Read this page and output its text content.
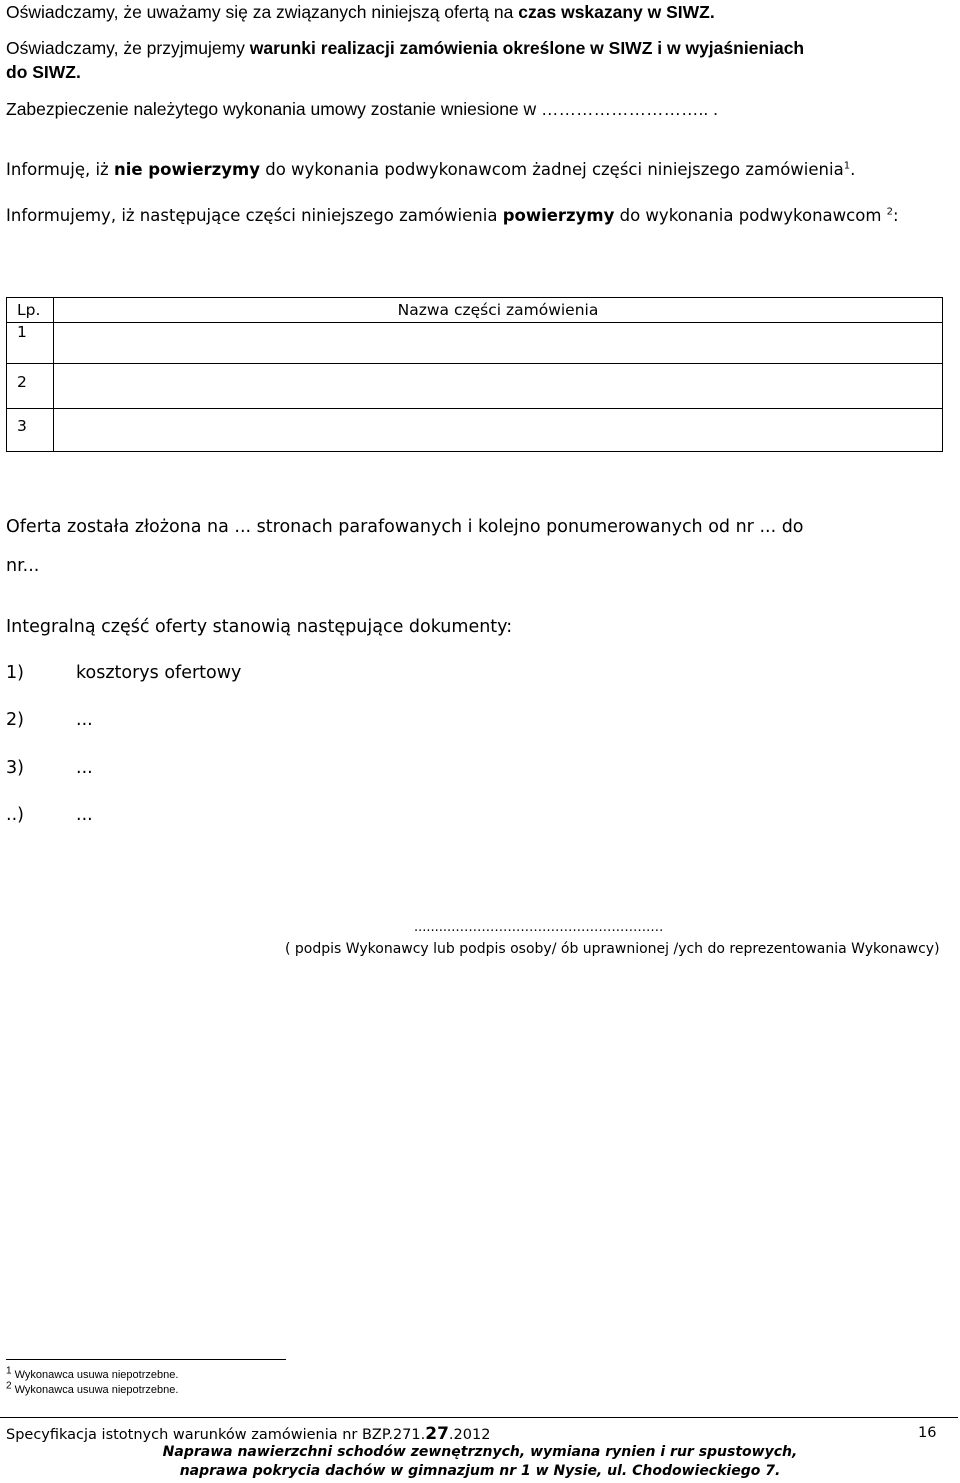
Oświadczamy, że uważamy się za związanych niniejszą ofertą na czas wskazany w SIWZ.
Oświadczamy, że przyjmujemy warunki realizacji zamówienia określone w SIWZ i w wyjaśnieniach
do SIWZ.
Zabezpieczenie należytego wykonania umowy zostanie wniesione w ……………………….. .
Informuję, iż nie powierzymy do wykonania podwykonawcom żadnej części niniejszego zamówienia$^1$.
Informujemy, iż następujące części niniejszego zamówienia powierzymy do wykonania podwykonawcom $^2$:
Lp.	Nazwa części zamówienia
1	
2	
3	
Oferta została złożona na ... stronach parafowanych i kolejno ponumerowanych od nr ... do
nr...
Integralną część oferty stanowią następujące dokumenty:
1)	kosztorys ofertowy
2)	...
3)	...
..)	...
..........…………………………………………
( podpis Wykonawcy lub podpis osoby/ ób uprawnionej /ych do reprezentowania Wykonawcy)
$^1$ Wykonawca usuwa niepotrzebne.
$^2$ Wykonawca usuwa niepotrzebne.
Specyfikacja istotnych warunków zamówienia nr BZP.271.27.2012	16
Naprawa nawierzchni schodów zewnętrznych, wymiana rynien i rur spustowych,
naprawa pokrycia dachów w gimnazjum nr 1 w Nysie, ul. Chodowieckiego 7.
